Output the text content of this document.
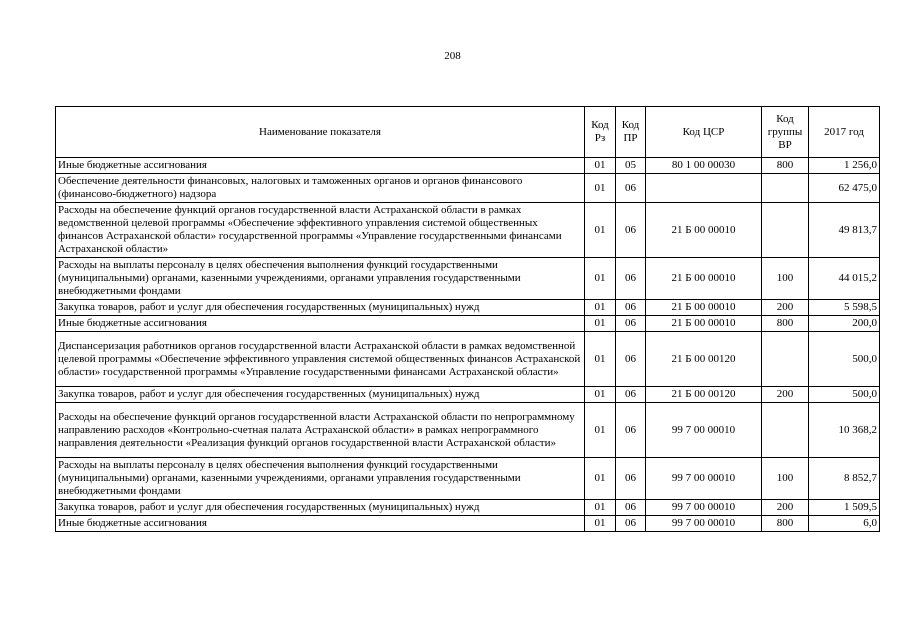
208
Наименование показателя	Код Рз	Код ПР	Код ЦСР	Код группы ВР	2017 год
Иные бюджетные ассигнования	01	05	80 1 00 00030	800	1 256,0
Обеспечение деятельности финансовых, налоговых и таможенных органов и органов финансового (финансово-бюджетного) надзора	01	06			62 475,0
Расходы на обеспечение функций органов государственной власти Астраханской области в рамках ведомственной целевой программы «Обеспечение эффективного управления системой общественных финансов Астраханской области» государственной программы «Управление государственными финансами Астраханской области»	01	06	21 Б 00 00010		49 813,7
Расходы на выплаты персоналу в целях обеспечения выполнения функций государственными (муниципальными) органами, казенными учреждениями, органами управления государственными внебюджетными фондами	01	06	21 Б 00 00010	100	44 015,2
Закупка товаров, работ и услуг для обеспечения государственных (муниципальных) нужд	01	06	21 Б 00 00010	200	5 598,5
Иные бюджетные ассигнования	01	06	21 Б 00 00010	800	200,0
Диспансеризация работников органов государственной власти Астраханской области в рамках ведомственной целевой программы «Обеспечение эффективного управления системой общественных финансов Астраханской области» государственной программы «Управление государственными финансами Астраханской области»	01	06	21 Б 00 00120		500,0
Закупка товаров, работ и услуг для обеспечения государственных (муниципальных) нужд	01	06	21 Б 00 00120	200	500,0
Расходы на обеспечение функций органов государственной власти Астраханской области по непрограммному направлению расходов «Контрольно-счетная палата Астраханской области» в рамках непрограммного направления деятельности «Реализация функций органов государственной власти Астраханской области»	01	06	99 7 00 00010		10 368,2
Расходы на выплаты персоналу в целях обеспечения выполнения функций государственными (муниципальными) органами, казенными учреждениями, органами управления государственными внебюджетными фондами	01	06	99 7 00 00010	100	8 852,7
Закупка товаров, работ и услуг для обеспечения государственных (муниципальных) нужд	01	06	99 7 00 00010	200	1 509,5
Иные бюджетные ассигнования	01	06	99 7 00 00010	800	6,0
